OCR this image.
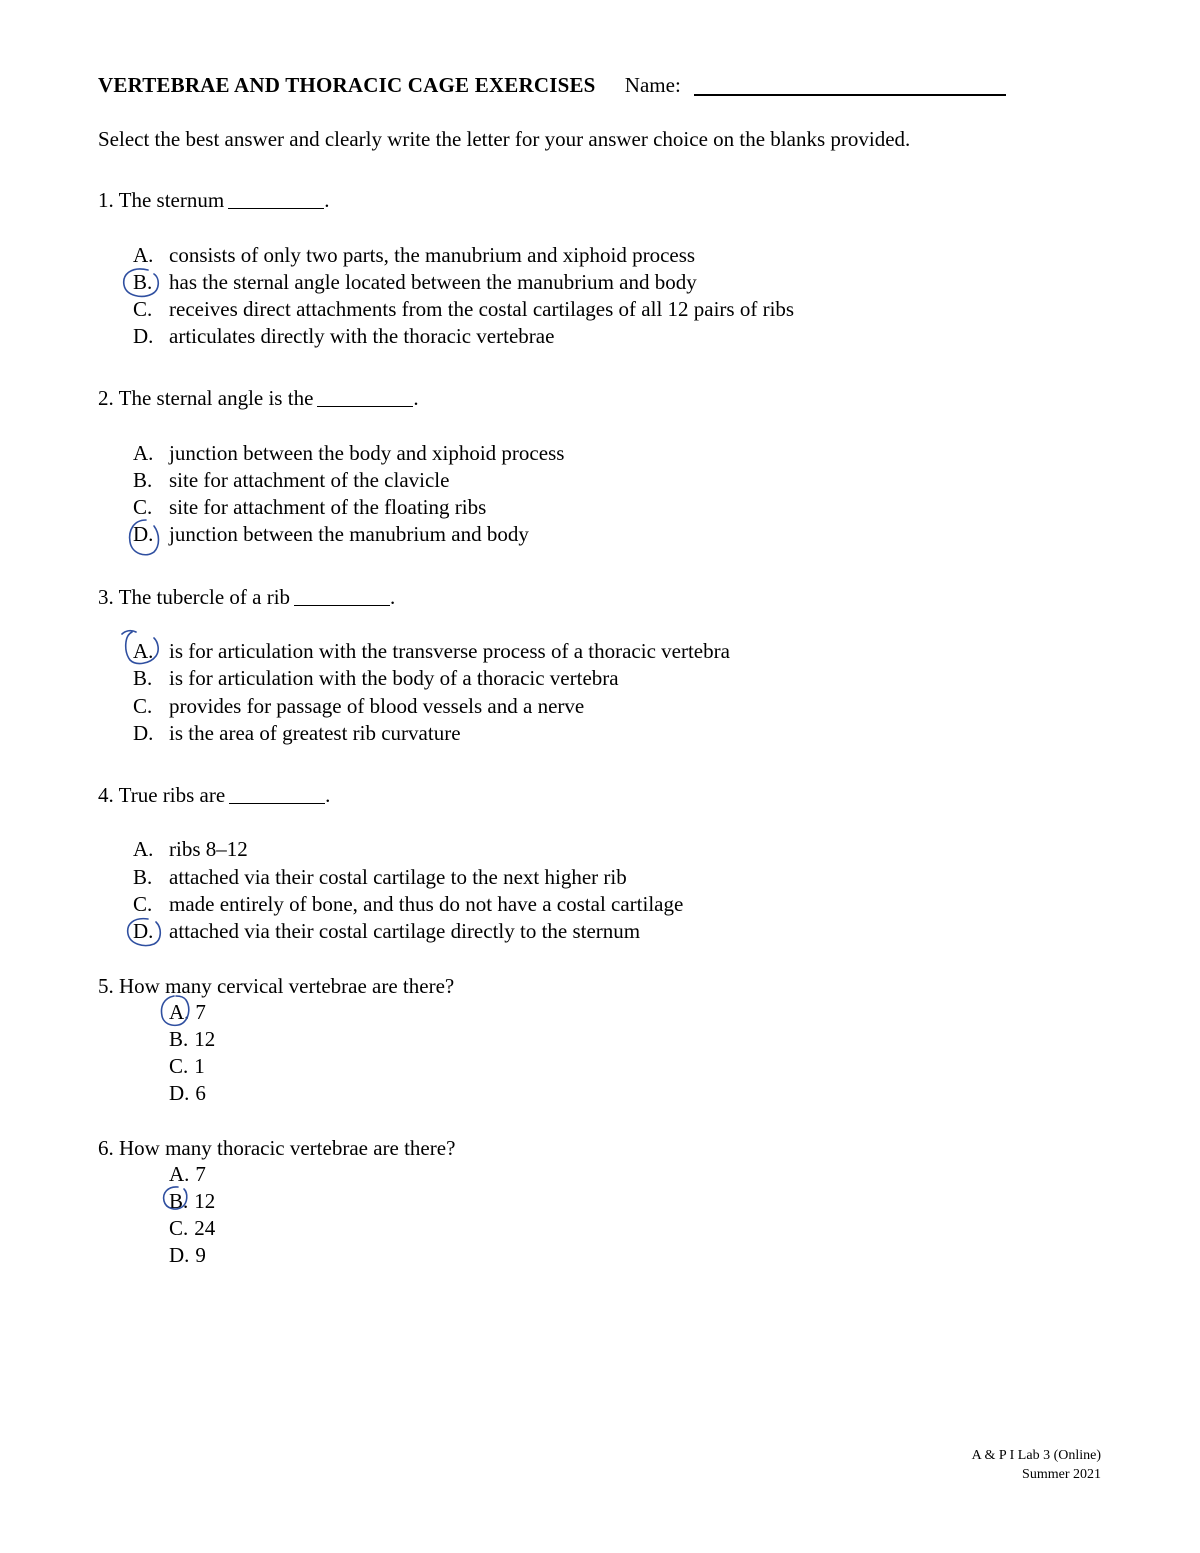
VERTEBRAE AND THORACIC CAGE EXERCISES Name:
Select the best answer and clearly write the letter for your answer choice on the blanks provided.
1. The sternum	.
A. consists of only two parts, the manubrium and xiphoid process
B. has the sternal angle located between the manubrium and body
C. receives direct attachments from the costal cartilages of all 12 pairs of ribs
D. articulates directly with the thoracic vertebrae
2. The sternal angle is the	.
A. junction between the body and xiphoid process
B. site for attachment of the clavicle
C. site for attachment of the floating ribs
D. junction between the manubrium and body
3. The tubercle of a rib	.
A. is for articulation with the transverse process of a thoracic vertebra
B. is for articulation with the body of a thoracic vertebra
C. provides for passage of blood vessels and a nerve
D. is the area of greatest rib curvature
4. True ribs are	.
A. ribs 8–12
B. attached via their costal cartilage to the next higher rib
C. made entirely of bone, and thus do not have a costal cartilage
D. attached via their costal cartilage directly to the sternum
5. How many cervical vertebrae are there?
A. 7
B. 12
C. 1
D. 6
6. How many thoracic vertebrae are there?
A. 7
B. 12
C. 24
D. 9
A & P I Lab 3 (Online)
Summer 2021
